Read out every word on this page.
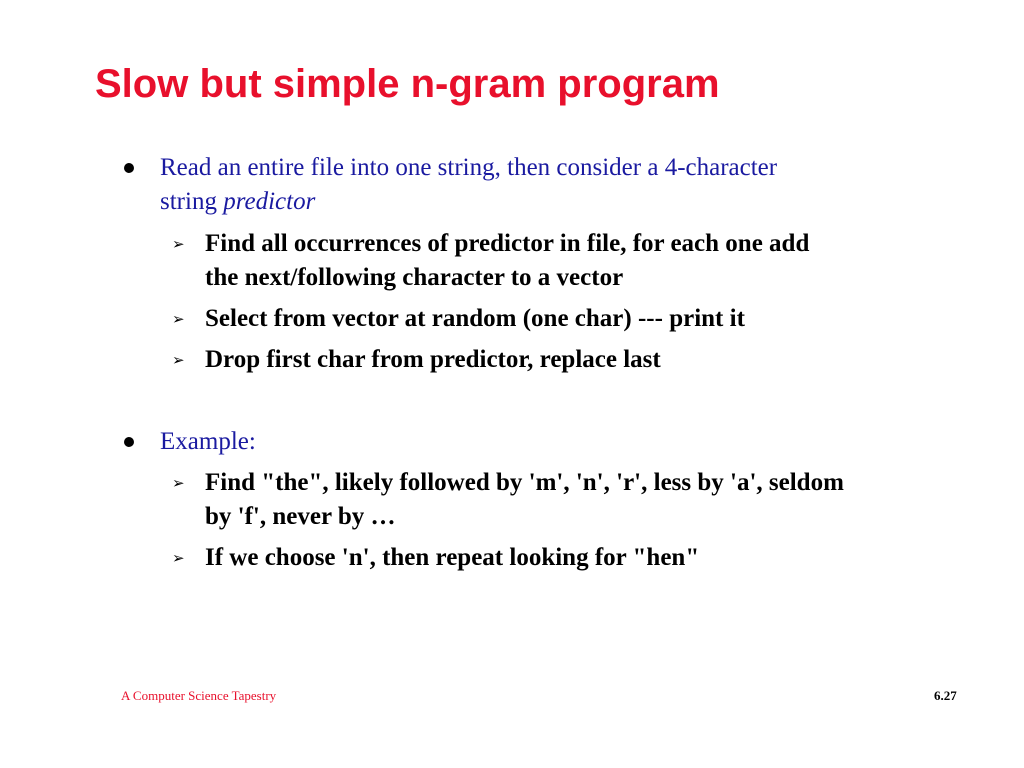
Slow but simple n-gram program
Read an entire file into one string, then consider a 4-character
string predictor
➢ Find all occurrences of predictor in file, for each one add
the next/following character to a vector
➢ Select from vector at random (one char) --- print it
➢ Drop first char from predictor, replace last
Example:
➢ Find "the", likely followed by 'm', 'n', 'r', less by 'a', seldom
by 'f', never by …
➢ If we choose 'n', then repeat looking for "hen"
A Computer Science Tapestry	6.27
